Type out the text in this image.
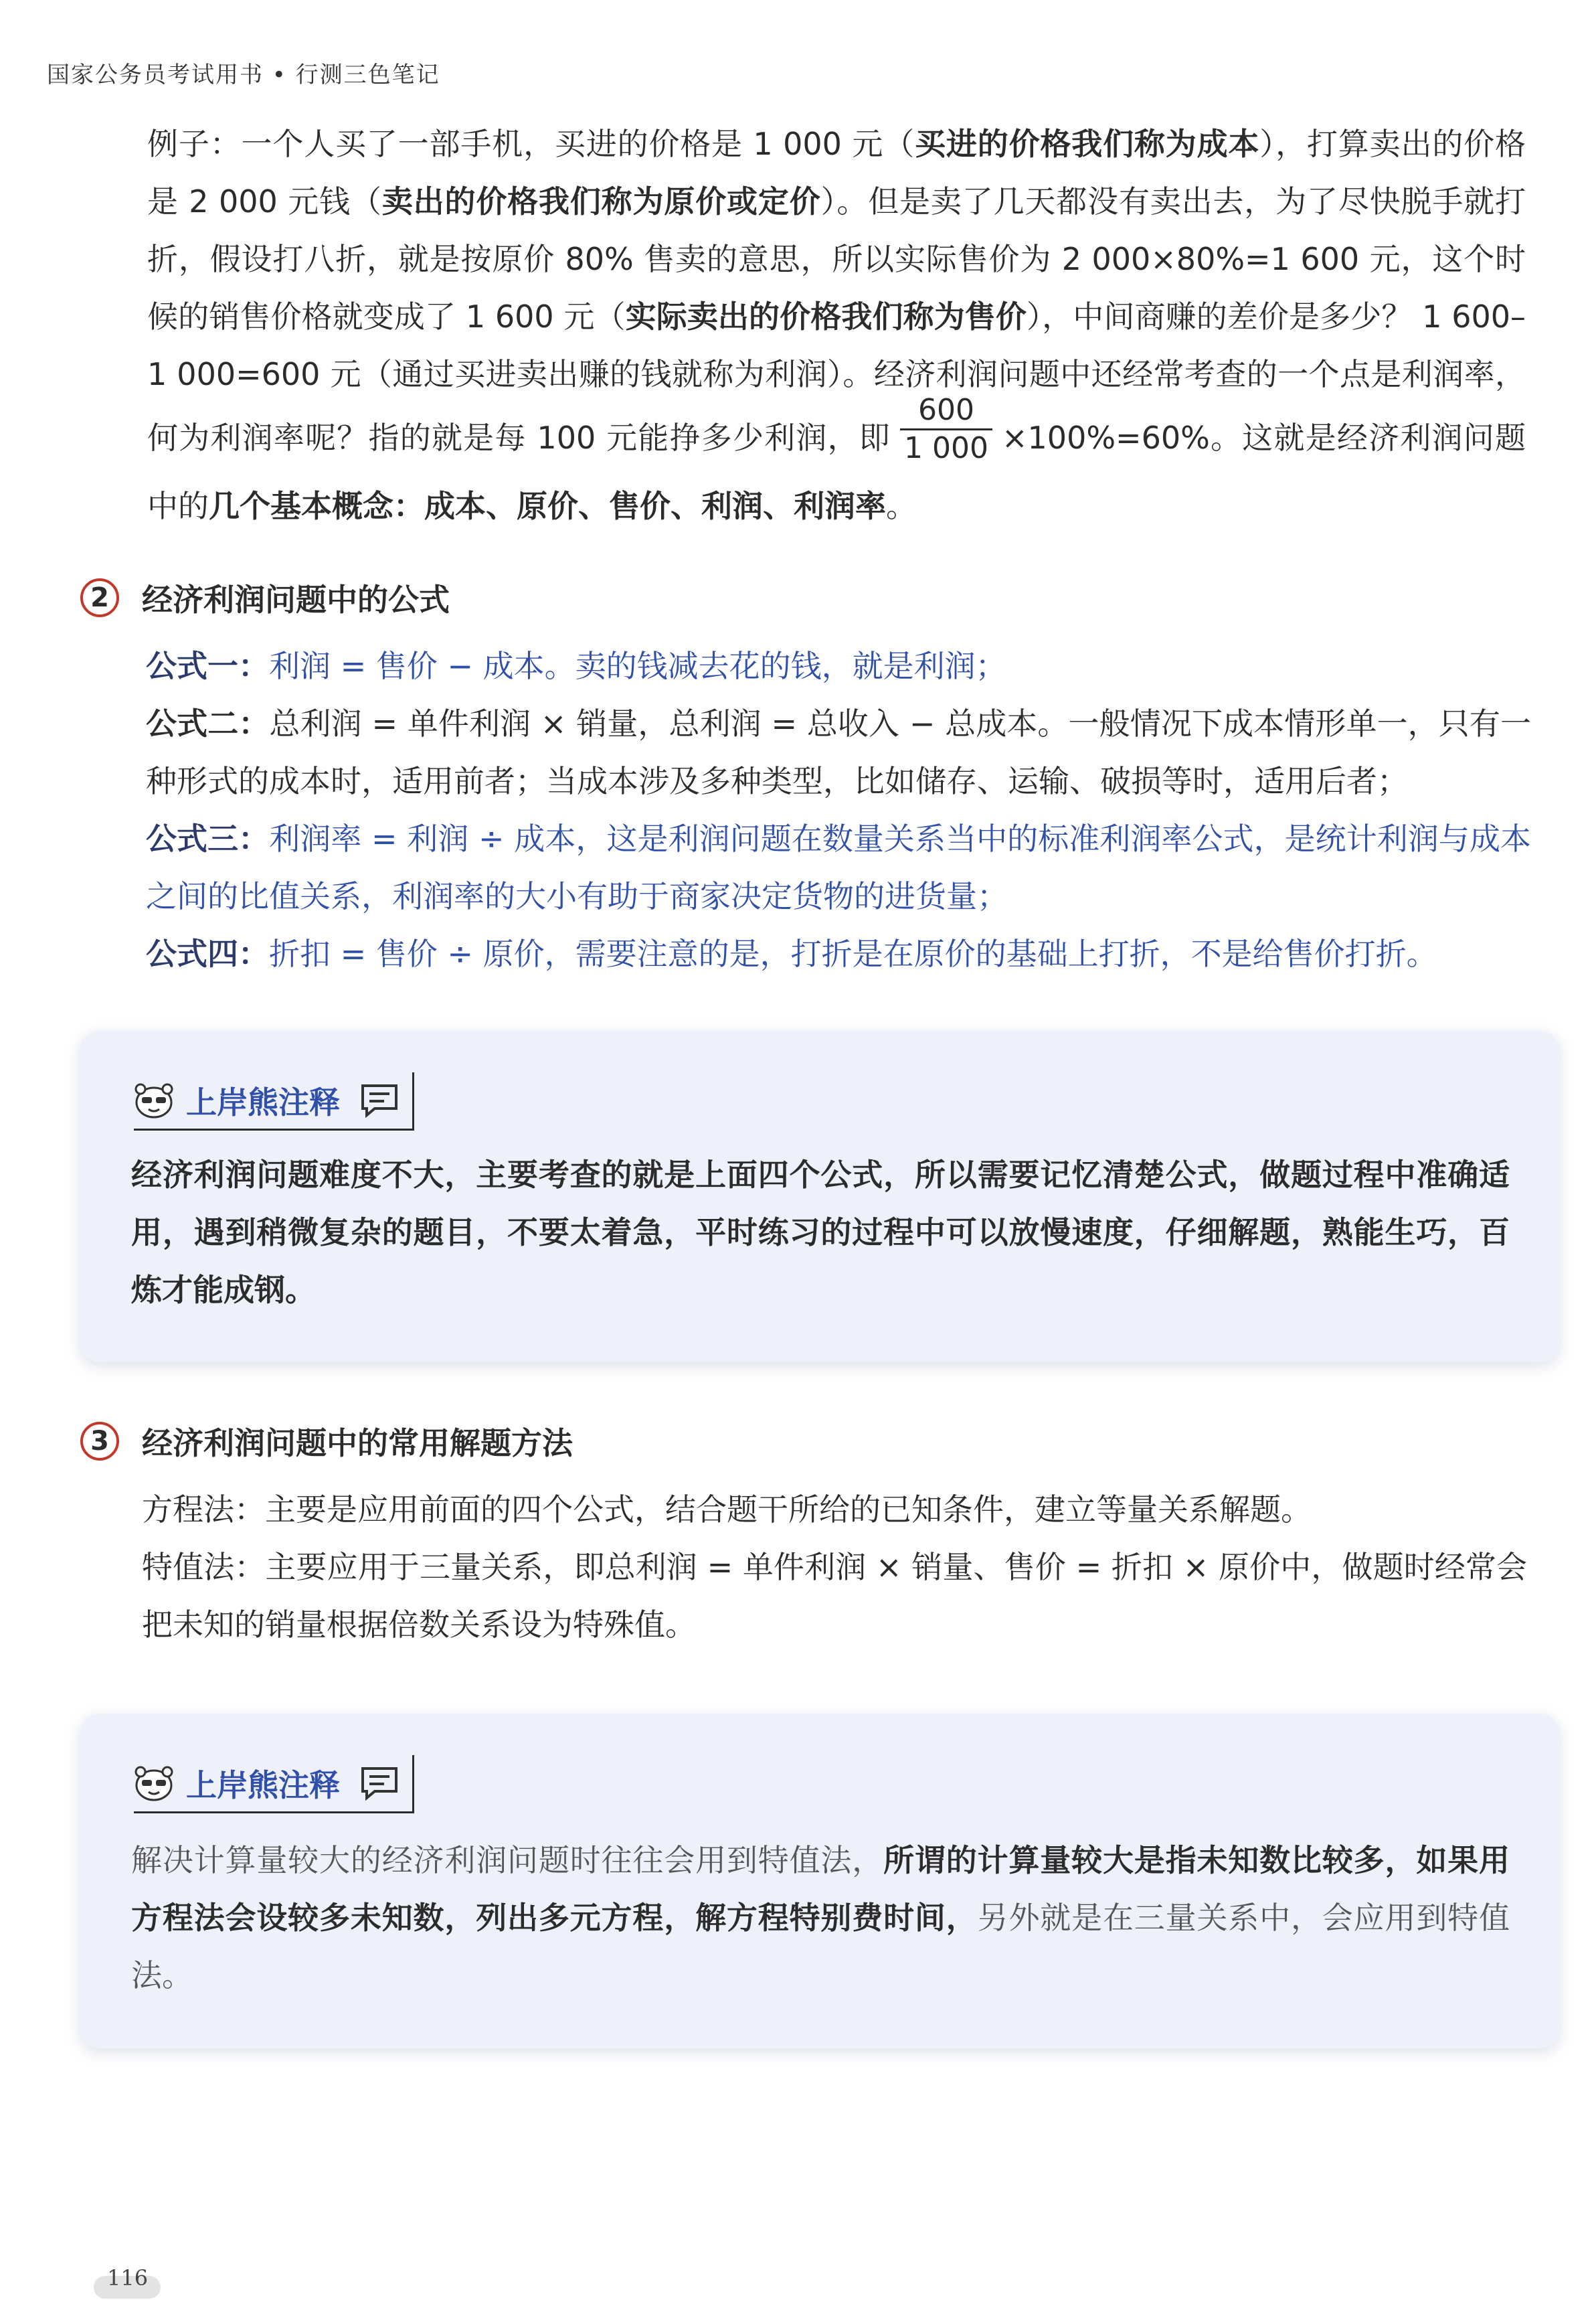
国家公务员考试用书 • 行测三色笔记
例子：一个人买了一部手机，买进的价格是 1 000 元（买进的价格我们称为成本），打算卖出的价格是 2 000 元钱（卖出的价格我们称为原价或定价）。但是卖了几天都没有卖出去，为了尽快脱手就打折，假设打八折，就是按原价 80% 售卖的意思，所以实际售价为 2 000×80%=1 600 元，这个时候的销售价格就变成了 1 600 元（实际卖出的价格我们称为售价），中间商赚的差价是多少？ 1 600–1 000=600 元（通过买进卖出赚的钱就称为利润）。经济利润问题中还经常考查的一个点是利润率，何为利润率呢？指的就是每 100 元能挣多少利润，即 $\frac{600}{1 000} \times 100\%=60\%$。这就是经济利润问题中的几个基本概念：成本、原价、售价、利润、利润率。
2	经济利润问题中的公式
公式一：利润 = 售价 − 成本。卖的钱减去花的钱，就是利润；
公式二：总利润 = 单件利润 × 销量，总利润 = 总收入 − 总成本。一般情况下成本情形单一，只有一种形式的成本时，适用前者；当成本涉及多种类型，比如储存、运输、破损等时，适用后者；
公式三：利润率 = 利润 ÷ 成本，这是利润问题在数量关系当中的标准利润率公式，是统计利润与成本之间的比值关系，利润率的大小有助于商家决定货物的进货量；
公式四：折扣 = 售价 ÷ 原价，需要注意的是，打折是在原价的基础上打折，不是给售价打折。
上岸熊注释
经济利润问题难度不大，主要考查的就是上面四个公式，所以需要记忆清楚公式，做题过程中准确适用，遇到稍微复杂的题目，不要太着急，平时练习的过程中可以放慢速度，仔细解题，熟能生巧，百炼才能成钢。
3	经济利润问题中的常用解题方法
方程法：主要是应用前面的四个公式，结合题干所给的已知条件，建立等量关系解题。
特值法：主要应用于三量关系，即总利润 = 单件利润 × 销量、售价 = 折扣 × 原价中，做题时经常会把未知的销量根据倍数关系设为特殊值。
上岸熊注释
解决计算量较大的经济利润问题时往往会用到特值法，所谓的计算量较大是指未知数比较多，如果用方程法会设较多未知数，列出多元方程，解方程特别费时间，另外就是在三量关系中，会应用到特值法。
116
